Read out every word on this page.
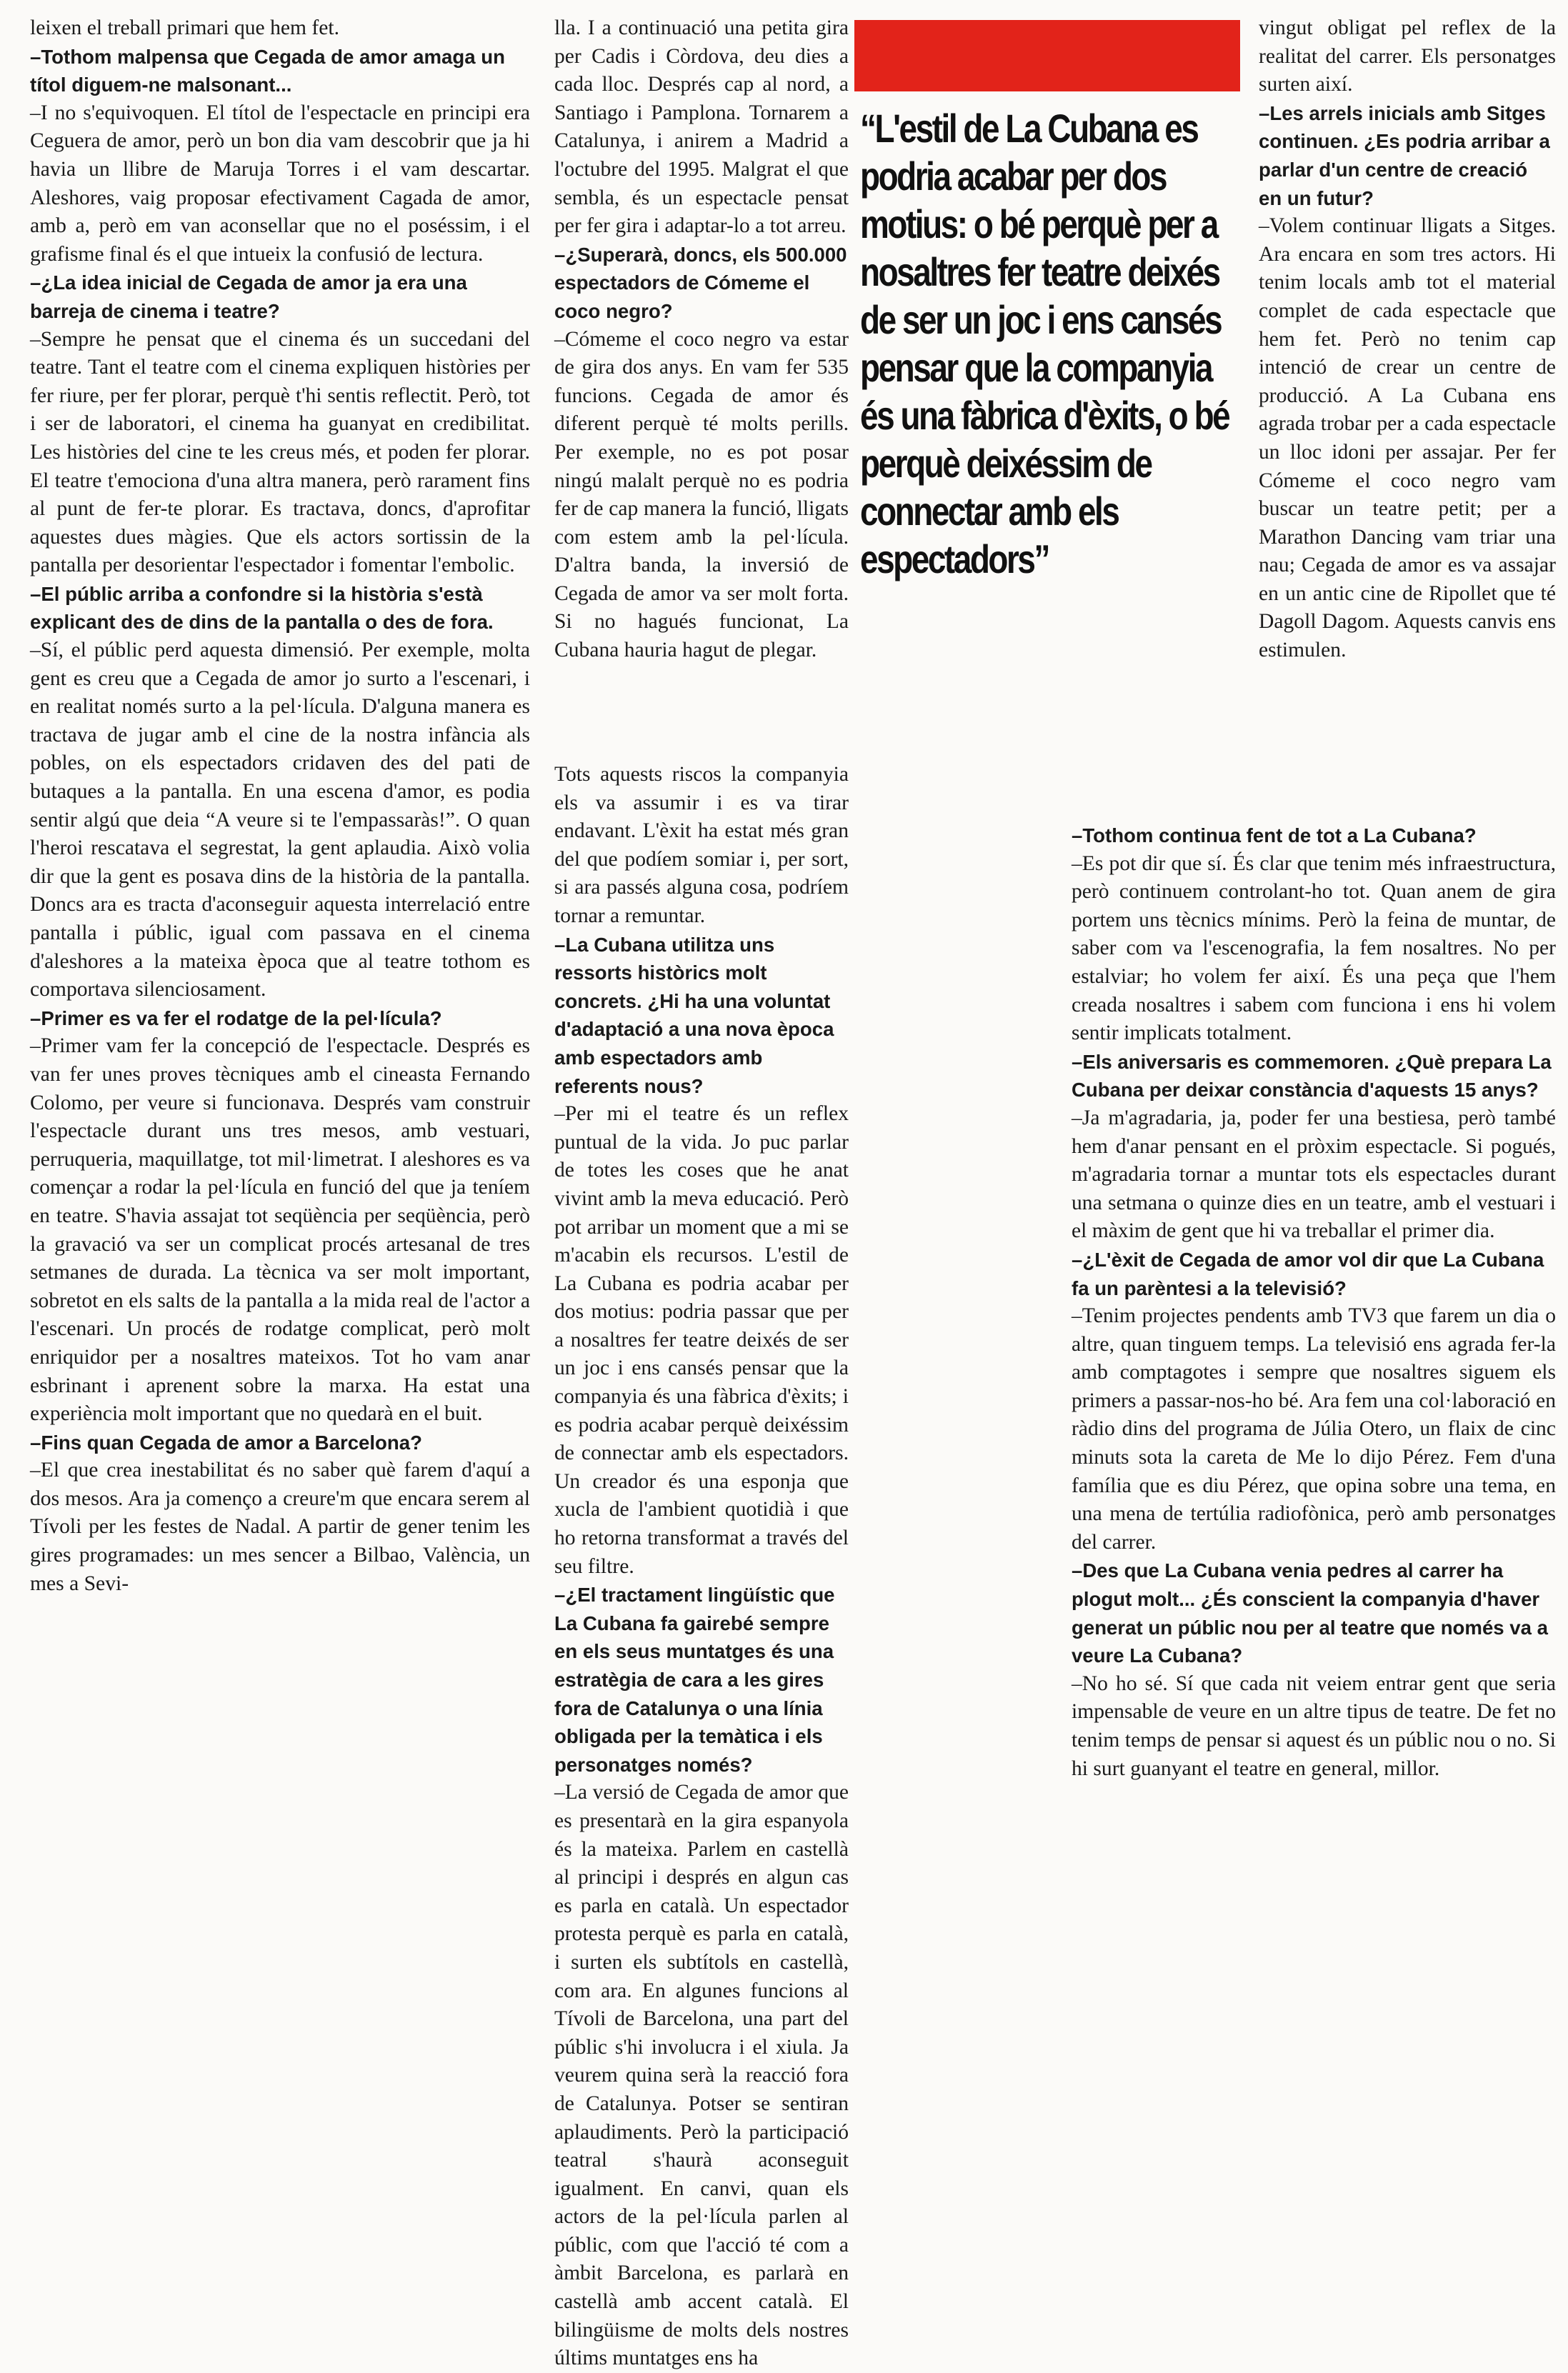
leixen el treball primari que hem fet.

–Tothom malpensa que Cegada de amor amaga un títol diguem-ne malsonant...

–I no s'equivoquen. El títol de l'espectacle en principi era Ceguera de amor, però un bon dia vam descobrir que ja hi havia un llibre de Maruja Torres i el vam descartar. Aleshores, vaig proposar efectivament Cagada de amor, amb a, però em van aconsellar que no el poséssim, i el grafisme final és el que intueix la confusió de lectura.

–¿La idea inicial de Cegada de amor ja era una barreja de cinema i teatre?

–Sempre he pensat que el cinema és un succedani del teatre. Tant el teatre com el cinema expliquen històries per fer riure, per fer plorar, perquè t'hi sentis reflectit. Però, tot i ser de laboratori, el cinema ha guanyat en credibilitat. Les històries del cine te les creus més, et poden fer plorar. El teatre t'emociona d'una altra manera, però rarament fins al punt de fer-te plorar. Es tractava, doncs, d'aprofitar aquestes dues màgies. Que els actors sortissin de la pantalla per desorientar l'espectador i fomentar l'embolic.

–El públic arriba a confondre si la història s'està explicant des de dins de la pantalla o des de fora.

–Sí, el públic perd aquesta dimensió. Per exemple, molta gent es creu que a Cegada de amor jo surto a l'escenari, i en realitat només surto a la pel·lícula. D'alguna manera es tractava de jugar amb el cine de la nostra infància als pobles, on els espectadors cridaven des del pati de butaques a la pantalla. En una escena d'amor, es podia sentir algú que deia “A veure si te l'empassaràs!”. O quan l'heroi rescatava el segrestat, la gent aplaudia. Això volia dir que la gent es posava dins de la història de la pantalla. Doncs ara es tracta d'aconseguir aquesta interrelació entre pantalla i públic, igual com passava en el cinema d'aleshores a la mateixa època que al teatre tothom es comportava silenciosament.

–Primer es va fer el rodatge de la pel·lícula?

–Primer vam fer la concepció de l'espectacle. Després es van fer unes proves tècniques amb el cineasta Fernando Colomo, per veure si funcionava. Després vam construir l'espectacle durant uns tres mesos, amb vestuari, perruqueria, maquillatge, tot mil·limetrat. I aleshores es va començar a rodar la pel·lícula en funció del que ja teníem en teatre. S'havia assajat tot seqüència per seqüència, però la gravació va ser un complicat procés artesanal de tres setmanes de durada. La tècnica va ser molt important, sobretot en els salts de la pantalla a la mida real de l'actor a l'escenari. Un procés de rodatge complicat, però molt enriquidor per a nosaltres mateixos. Tot ho vam anar esbrinant i aprenent sobre la marxa. Ha estat una experiència molt important que no quedarà en el buit.

–Fins quan Cegada de amor a Barcelona?

–El que crea inestabilitat és no saber què farem d'aquí a dos mesos. Ara ja començo a creure'm que encara serem al Tívoli per les festes de Nadal. A partir de gener tenim les gires programades: un mes sencer a Bilbao, València, un mes a Sevi-

lla. I a continuació una petita gira per Cadis i Còrdova, deu dies a cada lloc. Després cap al nord, a Santiago i Pamplona. Tornarem a Catalunya, i anirem a Madrid a l'octubre del 1995. Malgrat el que sembla, és un espectacle pensat per fer gira i adaptar-lo a tot arreu.

–¿Superarà, doncs, els 500.000 espectadors de Cómeme el coco negro?

–Cómeme el coco negro va estar de gira dos anys. En vam fer 535 funcions. Cegada de amor és diferent perquè té molts perills. Per exemple, no es pot posar ningú malalt perquè no es podria fer de cap manera la funció, lligats com estem amb la pel·lícula. D'altra banda, la inversió de Cegada de amor va ser molt forta. Si no hagués funcionat, La Cubana hauria hagut de plegar.

“L'estil de La Cubana es podria acabar per dos motius: o bé perquè per a nosaltres fer teatre deixés de ser un joc i ens cansés pensar que la companyia és una fàbrica d'èxits, o bé perquè deixéssim de connectar amb els espectadors”

vingut obligat pel reflex de la realitat del carrer. Els personatges surten així.

–Les arrels inicials amb Sitges continuen. ¿Es podria arribar a parlar d'un centre de creació en un futur?

–Volem continuar lligats a Sitges. Ara encara en som tres actors. Hi tenim locals amb tot el material complet de cada espectacle que hem fet. Però no tenim cap intenció de crear un centre de producció. A La Cubana ens agrada trobar per a cada espectacle un lloc idoni per assajar. Per fer Cómeme el coco negro vam buscar un teatre petit; per a Marathon Dancing vam triar una nau; Cegada de amor es va assajar en un antic cine de Ripollet que té Dagoll Dagom. Aquests canvis ens estimulen.

Tots aquests riscos la companyia els va assumir i es va tirar endavant. L'èxit ha estat més gran del que podíem somiar i, per sort, si ara passés alguna cosa, podríem tornar a remuntar.

–La Cubana utilitza uns ressorts històrics molt concrets. ¿Hi ha una voluntat d'adaptació a una nova època amb espectadors amb referents nous?

–Per mi el teatre és un reflex puntual de la vida. Jo puc parlar de totes les coses que he anat vivint amb la meva educació. Però pot arribar un moment que a mi se m'acabin els recursos. L'estil de La Cubana es podria acabar per dos motius: podria passar que per a nosaltres fer teatre deixés de ser un joc i ens cansés pensar que la companyia és una fàbrica d'èxits; i es podria acabar perquè deixéssim de connectar amb els espectadors. Un creador és una esponja que xucla de l'ambient quotidià i que ho retorna transformat a través del seu filtre.

–¿El tractament lingüístic que La Cubana fa gairebé sempre en els seus muntatges és una estratègia de cara a les gires fora de Catalunya o una línia obligada per la temàtica i els personatges només?

–La versió de Cegada de amor que es presentarà en la gira espanyola és la mateixa. Parlem en castellà al principi i després en algun cas es parla en català. Un espectador protesta perquè es parla en català, i surten els subtítols en castellà, com ara. En algunes funcions al Tívoli de Barcelona, una part del públic s'hi involucra i el xiula. Ja veurem quina serà la reacció fora de Catalunya. Potser se sentiran aplaudiments. Però la participació teatral s'haurà aconseguit igualment. En canvi, quan els actors de la pel·lícula parlen al públic, com que l'acció té com a àmbit Barcelona, es parlarà en castellà amb accent català. El bilingüisme de molts dels nostres últims muntatges ens ha

–Tothom continua fent de tot a La Cubana?

–Es pot dir que sí. És clar que tenim més infraestructura, però continuem controlant-ho tot. Quan anem de gira portem uns tècnics mínims. Però la feina de muntar, de saber com va l'escenografia, la fem nosaltres. No per estalviar; ho volem fer així. És una peça que l'hem creada nosaltres i sabem com funciona i ens hi volem sentir implicats totalment.

–Els aniversaris es commemoren. ¿Què prepara La Cubana per deixar constància d'aquests 15 anys?

–Ja m'agradaria, ja, poder fer una bestiesa, però també hem d'anar pensant en el pròxim espectacle. Si pogués, m'agradaria tornar a muntar tots els espectacles durant una setmana o quinze dies en un teatre, amb el vestuari i el màxim de gent que hi va treballar el primer dia.

–¿L'èxit de Cegada de amor vol dir que La Cubana fa un parèntesi a la televisió?

–Tenim projectes pendents amb TV3 que farem un dia o altre, quan tinguem temps. La televisió ens agrada fer-la amb comptagotes i sempre que nosaltres siguem els primers a passar-nos-ho bé. Ara fem una col·laboració en ràdio dins del programa de Júlia Otero, un flaix de cinc minuts sota la careta de Me lo dijo Pérez. Fem d'una família que es diu Pérez, que opina sobre una tema, en una mena de tertúlia radiofònica, però amb personatges del carrer.

–Des que La Cubana venia pedres al carrer ha plogut molt... ¿És conscient la companyia d'haver generat un públic nou per al teatre que només va a veure La Cubana?

–No ho sé. Sí que cada nit veiem entrar gent que seria impensable de veure en un altre tipus de teatre. De fet no tenim temps de pensar si aquest és un públic nou o no. Si hi surt guanyant el teatre en general, millor.
